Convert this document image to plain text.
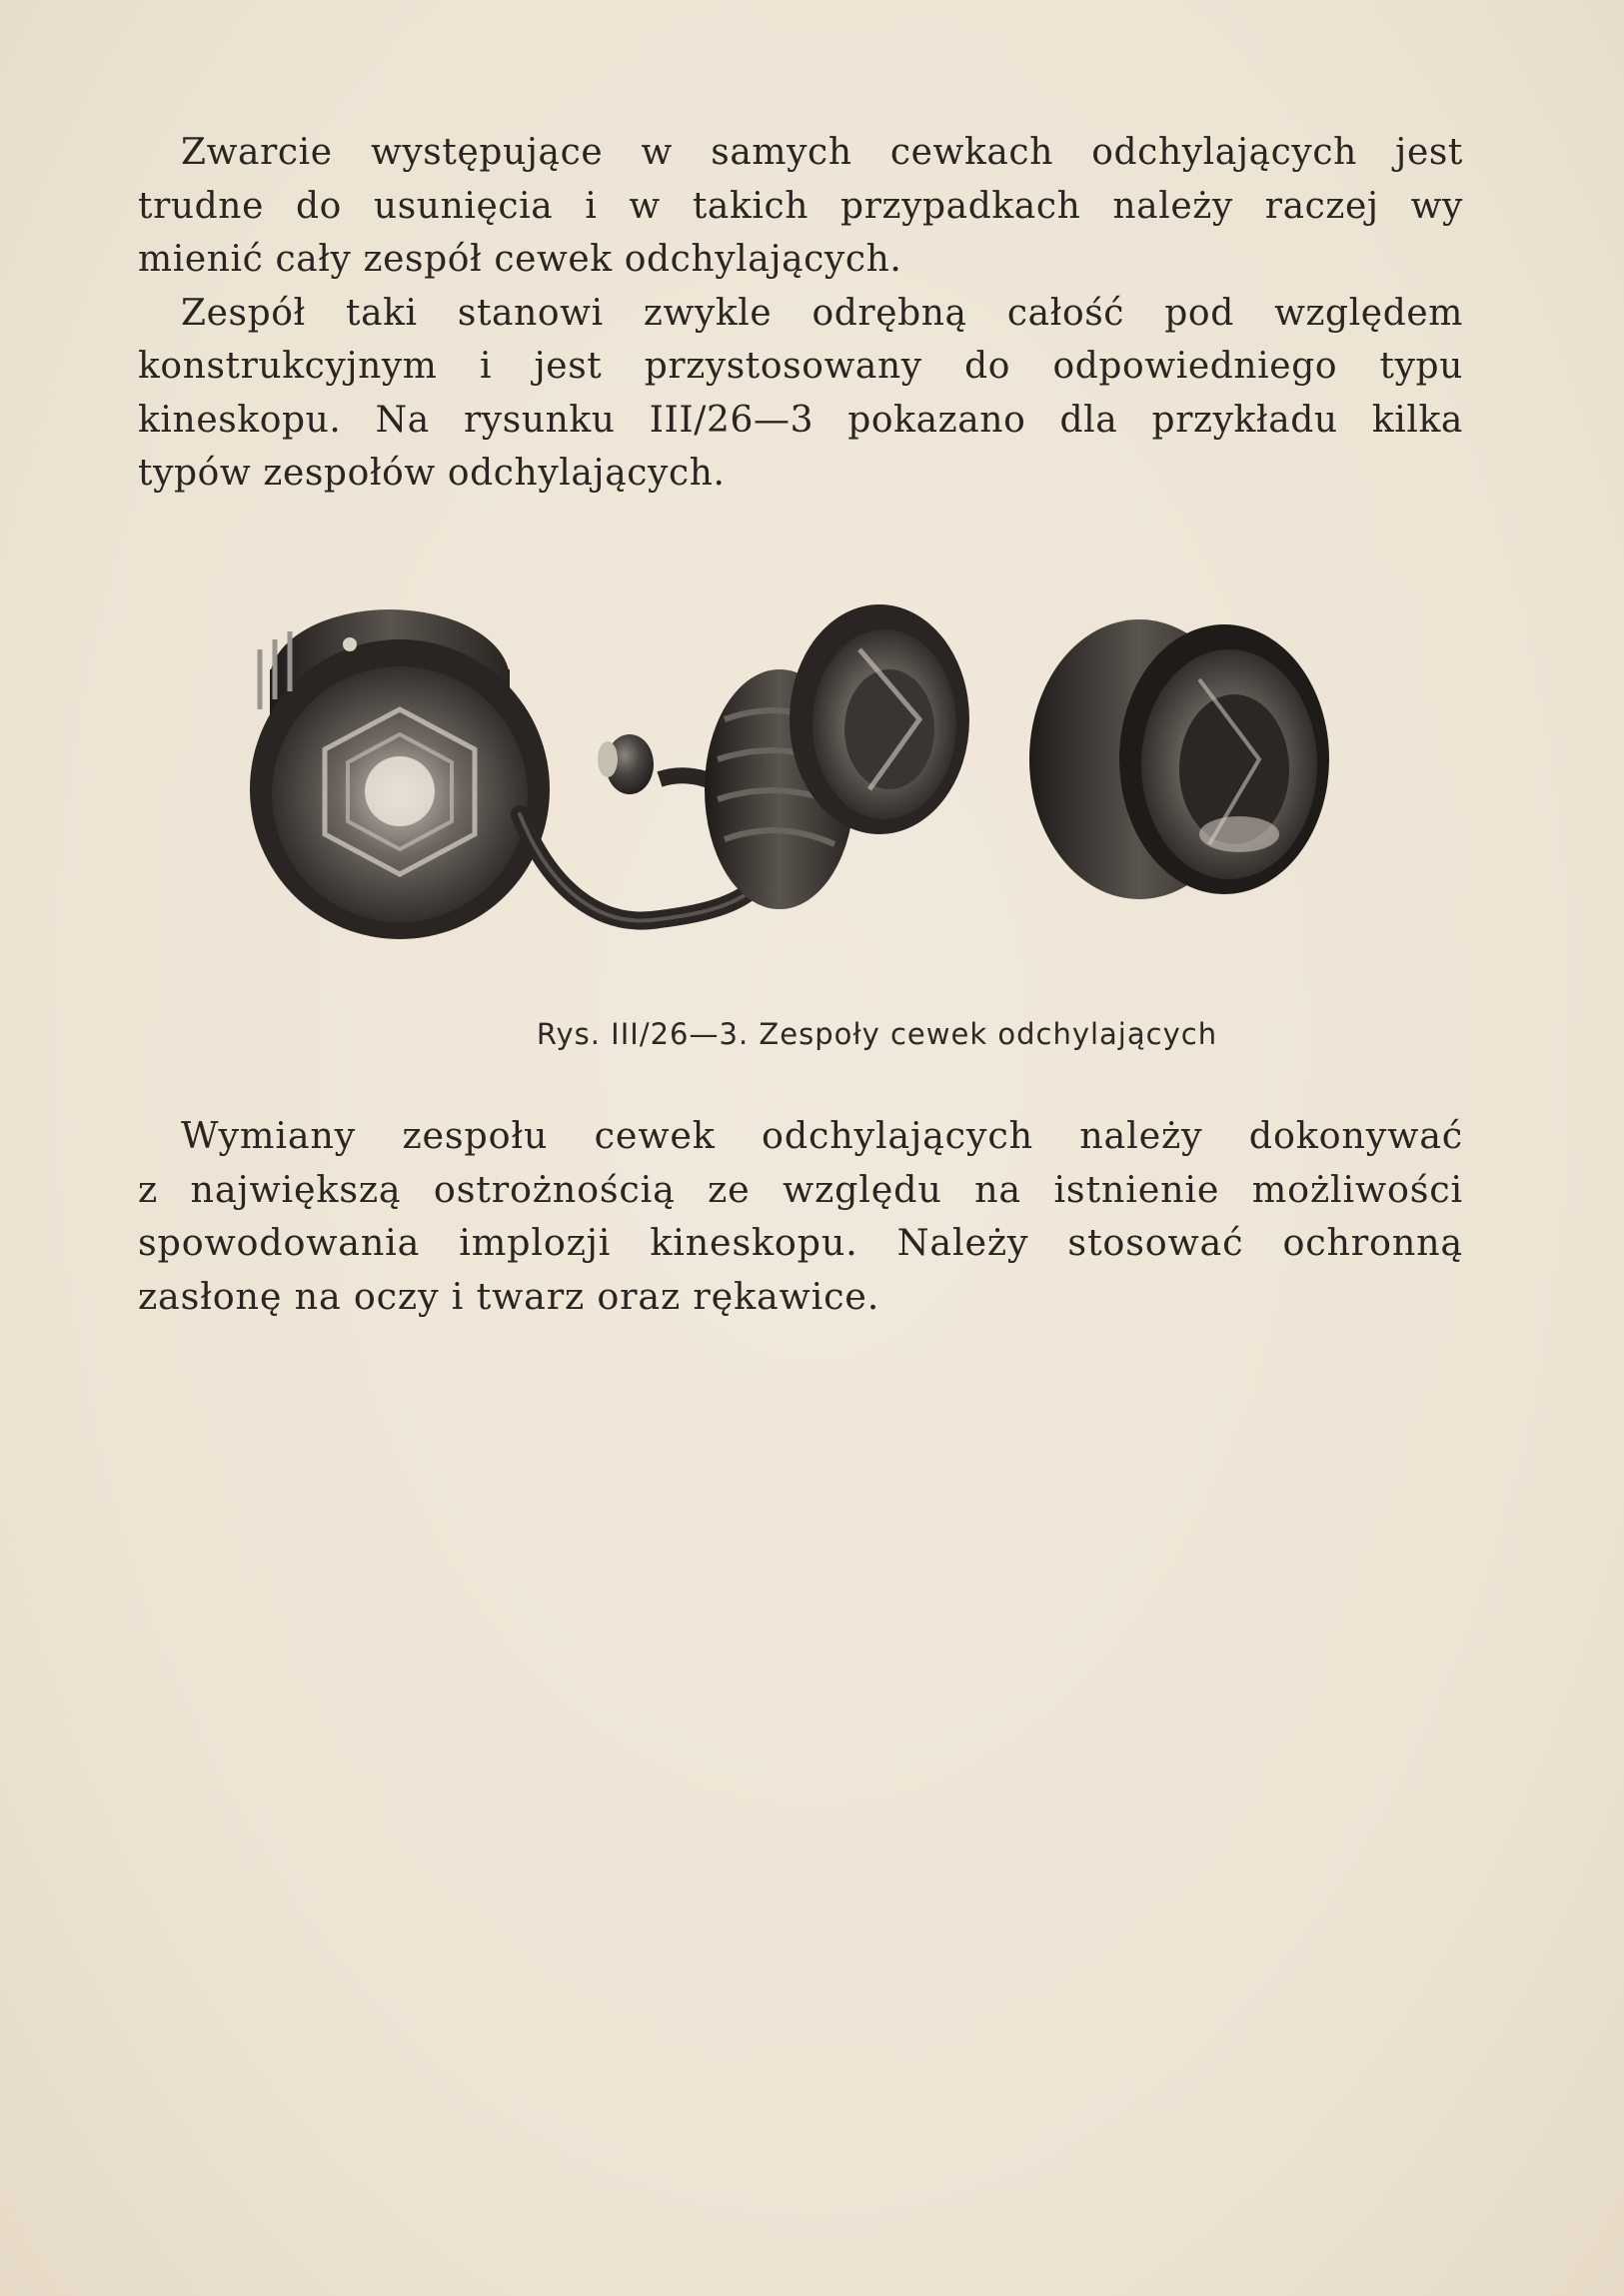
Zwarcie występujące w samych cewkach odchylających jest
trudne do usunięcia i w takich przypadkach należy raczej wy
mienić cały zespół cewek odchylających.

Zespół taki stanowi zwykle odrębną całość pod względem
konstrukcyjnym i jest przystosowany do odpowiedniego typu
kineskopu. Na rysunku III/26—3 pokazano dla przykładu kilka
typów zespołów odchylających.

Rys. III/26—3. Zespoły cewek odchylających

Wymiany zespołu cewek odchylających należy dokonywać
z największą ostrożnością ze względu na istnienie możliwości
spowodowania implozji kineskopu. Należy stosować ochronną
zasłonę na oczy i twarz oraz rękawice.
